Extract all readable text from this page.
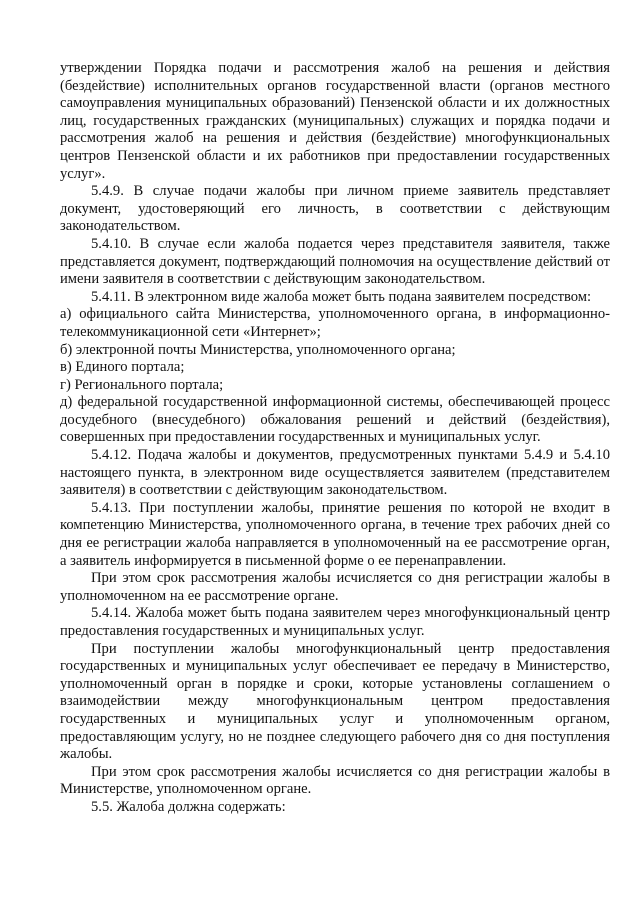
утверждении Порядка подачи и рассмотрения жалоб на решения и действия (бездействие) исполнительных органов государственной власти (органов местного самоуправления муниципальных образований) Пензенской области и их должностных лиц, государственных гражданских (муниципальных) служащих и порядка подачи и рассмотрения жалоб на решения и действия (бездействие) многофункциональных центров Пензенской области и их работников при предоставлении государственных услуг».

5.4.9. В случае подачи жалобы при личном приеме заявитель представляет документ, удостоверяющий его личность, в соответствии с действующим законодательством.

5.4.10. В случае если жалоба подается через представителя заявителя, также представляется документ, подтверждающий полномочия на осуществление действий от имени заявителя в соответствии с действующим законодательством.

5.4.11. В электронном виде жалоба может быть подана заявителем посредством:

а) официального сайта Министерства, уполномоченного органа, в информационно-телекоммуникационной сети «Интернет»;

б) электронной почты Министерства, уполномоченного органа;

в) Единого портала;

г) Регионального портала;

д) федеральной государственной информационной системы, обеспечивающей процесс досудебного (внесудебного) обжалования решений и действий (бездействия), совершенных при предоставлении государственных и муниципальных услуг.

5.4.12. Подача жалобы и документов, предусмотренных пунктами 5.4.9 и 5.4.10 настоящего пункта, в электронном виде осуществляется заявителем (представителем заявителя) в соответствии с действующим законодательством.

5.4.13. При поступлении жалобы, принятие решения по которой не входит в компетенцию Министерства, уполномоченного органа, в течение трех рабочих дней со дня ее регистрации жалоба направляется в уполномоченный на ее рассмотрение орган, а заявитель информируется в письменной форме о ее перенаправлении.

При этом срок рассмотрения жалобы исчисляется со дня регистрации жалобы в уполномоченном на ее рассмотрение органе.

5.4.14. Жалоба может быть подана заявителем через многофункциональный центр предоставления государственных и муниципальных услуг.

При поступлении жалобы многофункциональный центр предоставления государственных и муниципальных услуг обеспечивает ее передачу в Министерство, уполномоченный орган в порядке и сроки, которые установлены соглашением о взаимодействии между многофункциональным центром предоставления государственных и муниципальных услуг и уполномоченным органом, предоставляющим услугу, но не позднее следующего рабочего дня со дня поступления жалобы.

При этом срок рассмотрения жалобы исчисляется со дня регистрации жалобы в Министерстве, уполномоченном органе.

5.5. Жалоба должна содержать:
